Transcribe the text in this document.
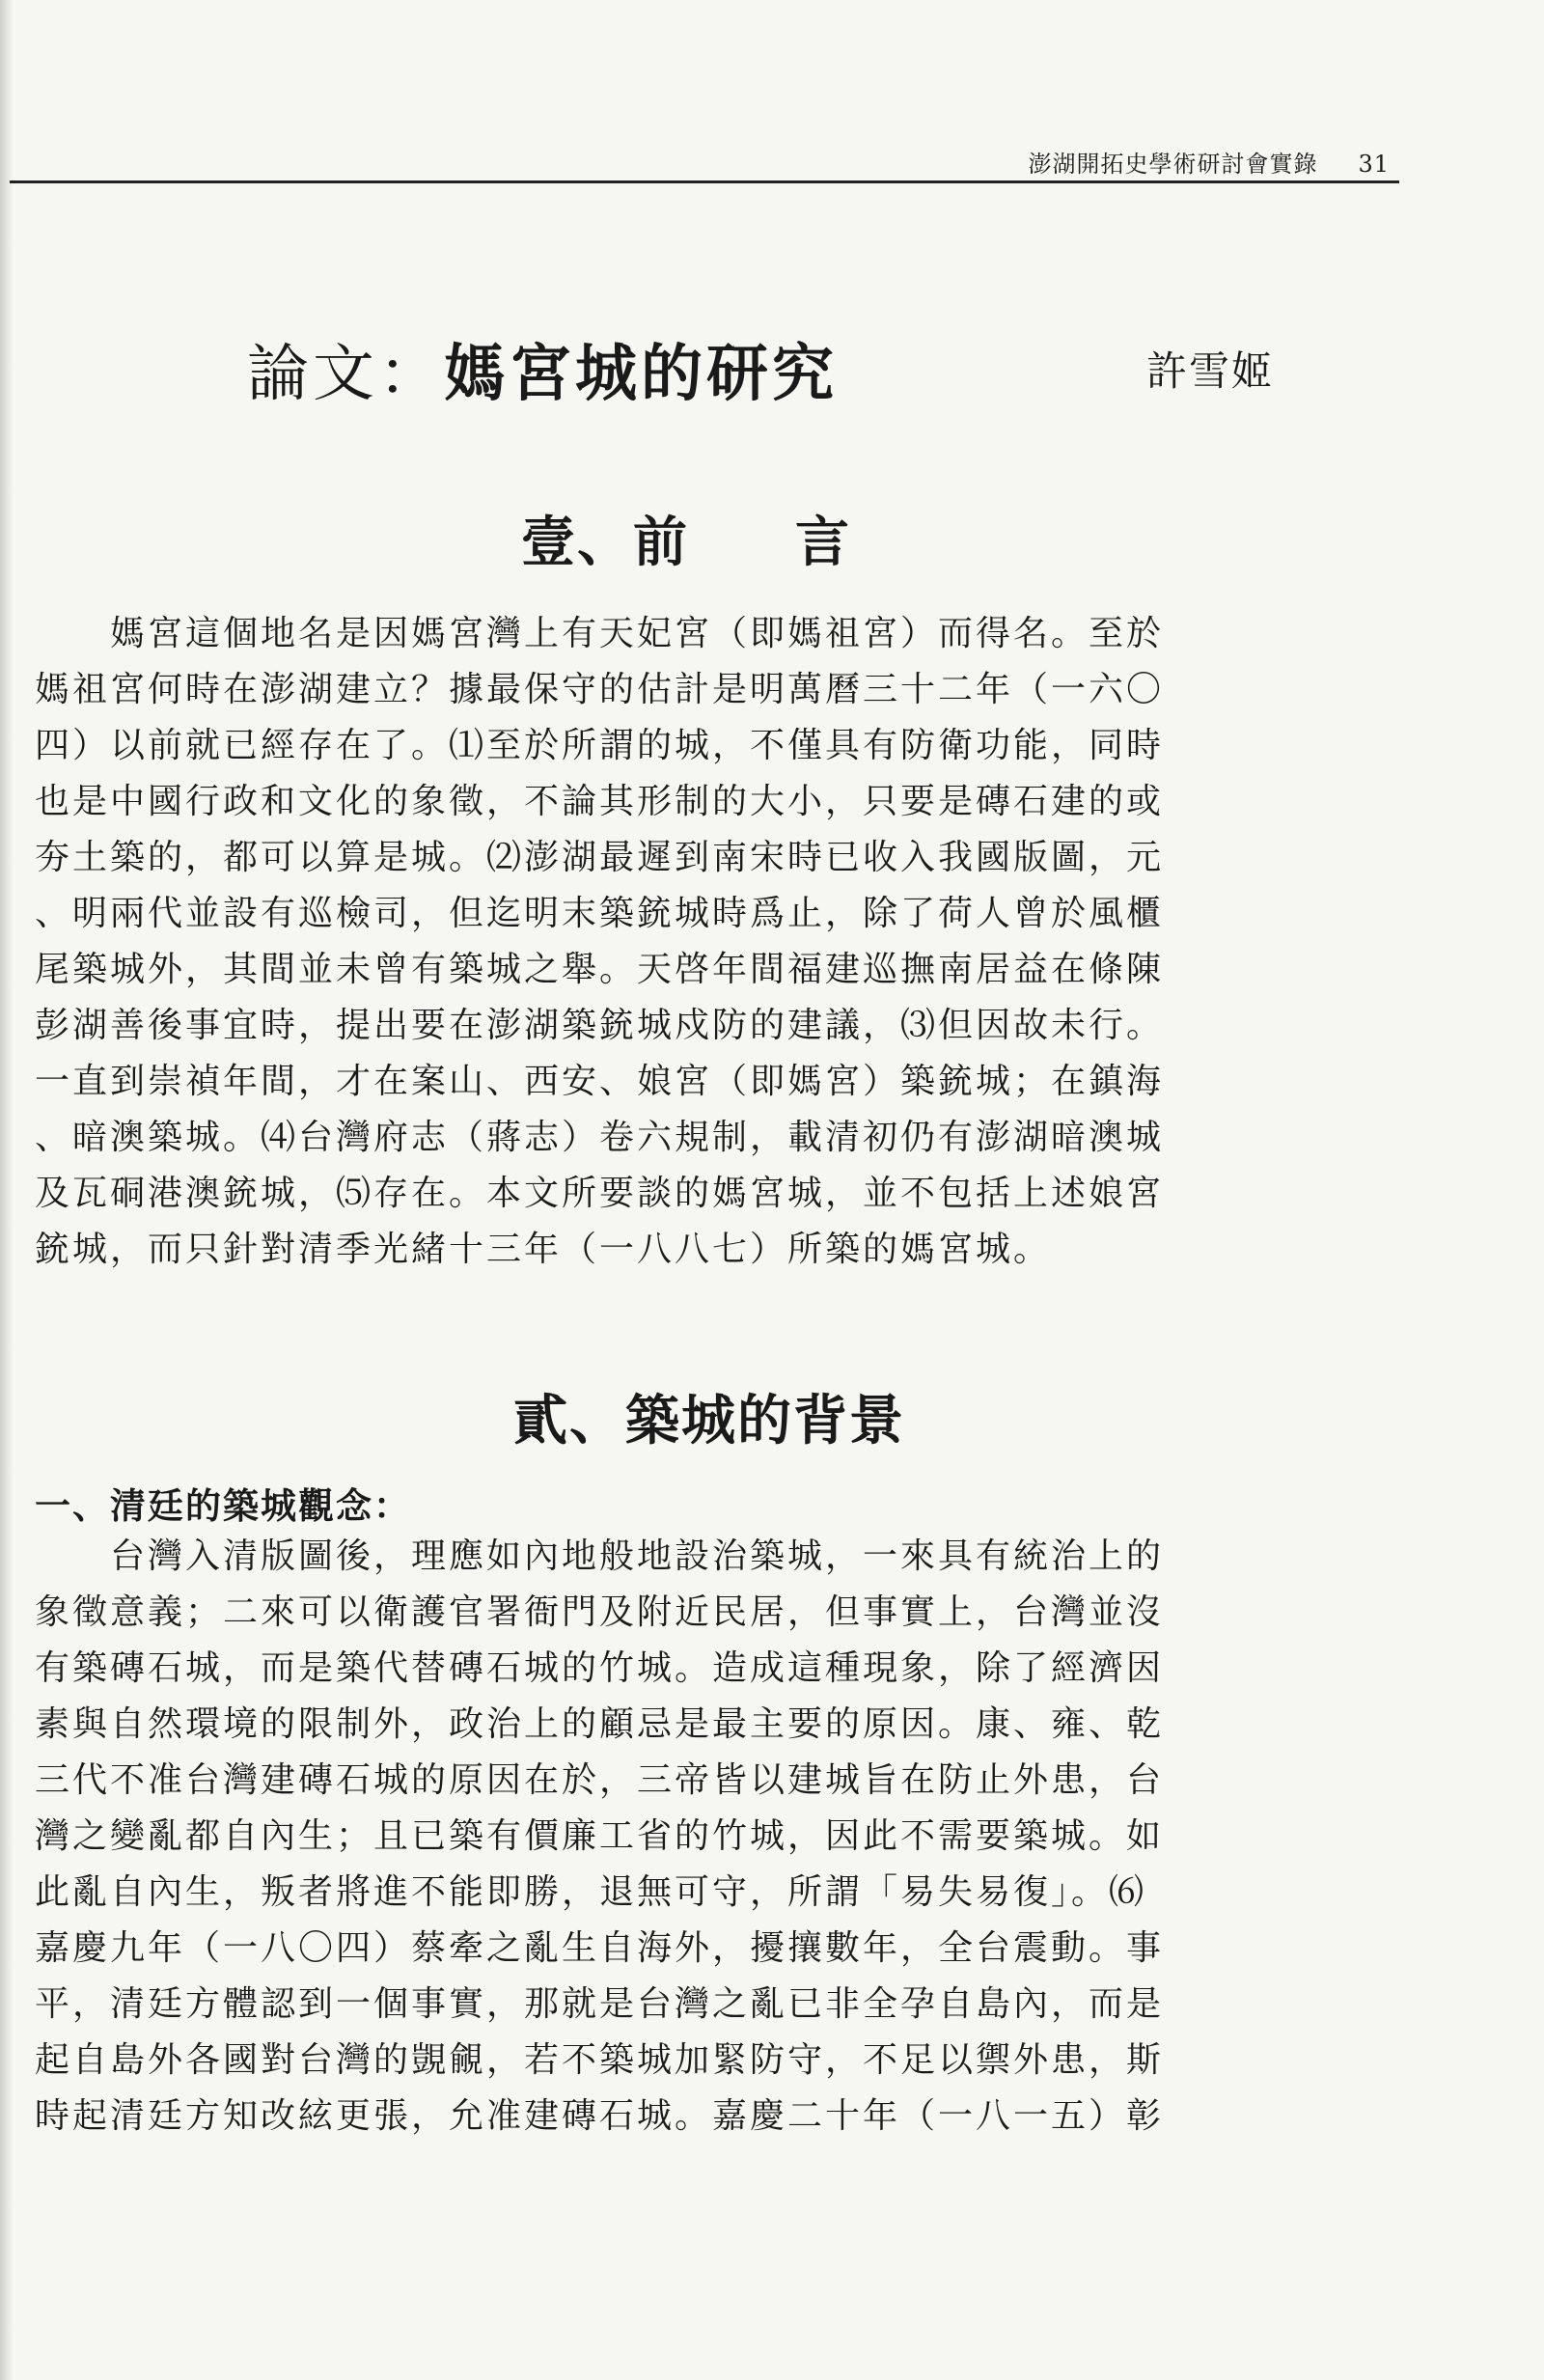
澎湖開拓史學術研討會實錄 31
論文：媽宮城的研究	許雪姬
壹、前 言
　　媽宮這個地名是因媽宮灣上有天妃宮（即媽祖宮）而得名。至於
媽祖宮何時在澎湖建立？據最保守的估計是明萬曆三十二年（一六〇
四）以前就已經存在了。⑴至於所謂的城，不僅具有防衛功能，同時
也是中國行政和文化的象徵，不論其形制的大小，只要是磚石建的或
夯土築的，都可以算是城。⑵澎湖最遲到南宋時已收入我國版圖，元
、明兩代並設有巡檢司，但迄明末築銃城時爲止，除了荷人曾於風櫃
尾築城外，其間並未曾有築城之舉。天啓年間福建巡撫南居益在條陳
彭湖善後事宜時，提出要在澎湖築銃城戍防的建議，⑶但因故未行。
一直到崇禎年間，才在案山、西安、娘宮（即媽宮）築銃城；在鎮海
、暗澳築城。⑷台灣府志（蔣志）卷六規制，載清初仍有澎湖暗澳城
及瓦硐港澳銃城，⑸存在。本文所要談的媽宮城，並不包括上述娘宮
銃城，而只針對清季光緒十三年（一八八七）所築的媽宮城。
貳、築城的背景
一、清廷的築城觀念：
　　台灣入清版圖後，理應如內地般地設治築城，一來具有統治上的
象徵意義；二來可以衛護官署衙門及附近民居，但事實上，台灣並沒
有築磚石城，而是築代替磚石城的竹城。造成這種現象，除了經濟因
素與自然環境的限制外，政治上的顧忌是最主要的原因。康、雍、乾
三代不准台灣建磚石城的原因在於，三帝皆以建城旨在防止外患，台
灣之變亂都自內生；且已築有價廉工省的竹城，因此不需要築城。如
此亂自內生，叛者將進不能即勝，退無可守，所謂「易失易復」。⑹
嘉慶九年（一八〇四）蔡牽之亂生自海外，擾攘數年，全台震動。事
平，清廷方體認到一個事實，那就是台灣之亂已非全孕自島內，而是
起自島外各國對台灣的覬覦，若不築城加緊防守，不足以禦外患，斯
時起清廷方知改絃更張，允准建磚石城。嘉慶二十年（一八一五）彰
